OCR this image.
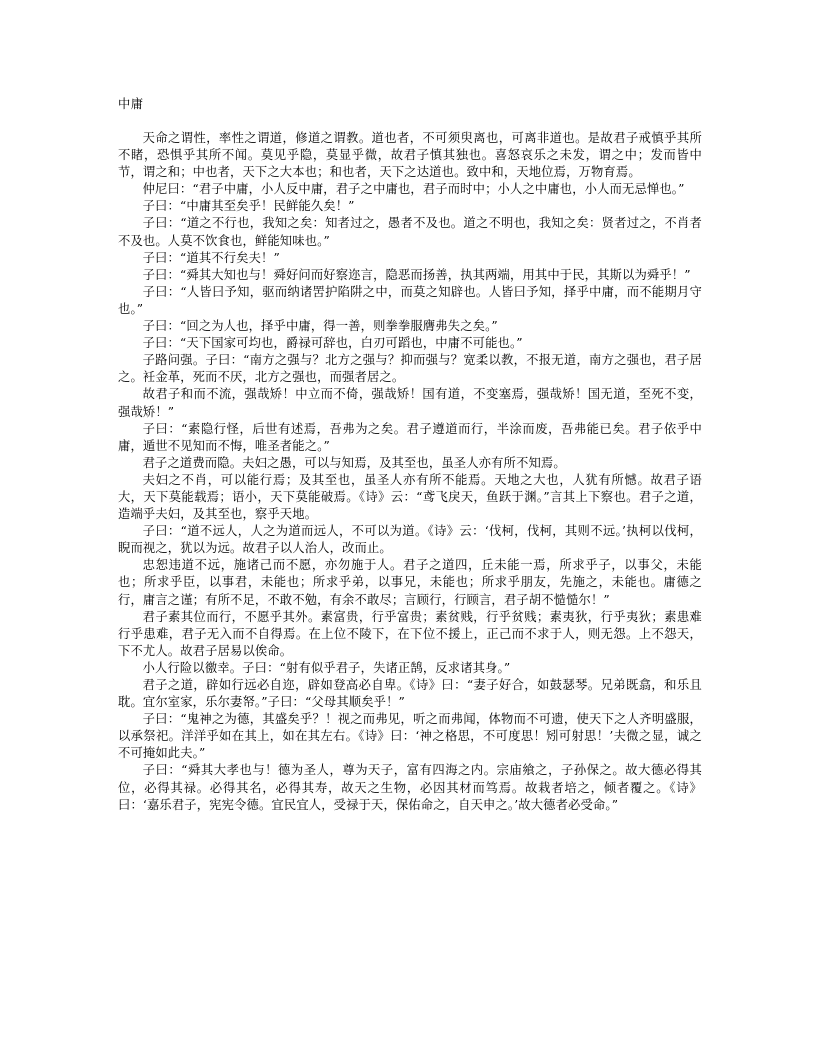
中庸

天命之谓性，率性之谓道，修道之谓教。道也者，不可须臾离也，可离非道也。是故君子戒慎乎其所不睹，恐惧乎其所不闻。莫见乎隐，莫显乎微，故君子慎其独也。喜怒哀乐之未发，谓之中；发而皆中节，谓之和；中也者，天下之大本也；和也者，天下之达道也。致中和，天地位焉，万物育焉。

仲尼曰：“君子中庸，小人反中庸，君子之中庸也，君子而时中；小人之中庸也，小人而无忌惮也。”

子曰：“中庸其至矣乎！民鲜能久矣！”

子曰：“道之不行也，我知之矣：知者过之，愚者不及也。道之不明也，我知之矣：贤者过之，不肖者不及也。人莫不饮食也，鲜能知味也。”

子曰：“道其不行矣夫！”

子曰：“舜其大知也与！舜好问而好察迩言，隐恶而扬善，执其两端，用其中于民，其斯以为舜乎！”

子曰：“人皆曰予知，驱而纳诸罟护陷阱之中，而莫之知辟也。人皆曰予知，择乎中庸，而不能期月守也。”

子曰：“回之为人也，择乎中庸，得一善，则拳拳服膺弗失之矣。”

子曰：“天下国家可均也，爵禄可辞也，白刃可蹈也，中庸不可能也。”

子路问强。子曰：“南方之强与？北方之强与？抑而强与？宽柔以教，不报无道，南方之强也，君子居之。衽金革，死而不厌，北方之强也，而强者居之。

故君子和而不流，强哉矫！中立而不倚，强哉矫！国有道，不变塞焉，强哉矫！国无道，至死不变，强哉矫！”

子曰：“素隐行怪，后世有述焉，吾弗为之矣。君子遵道而行，半涂而废，吾弗能已矣。君子依乎中庸，遁世不见知而不悔，唯圣者能之。”

君子之道费而隐。夫妇之愚，可以与知焉，及其至也，虽圣人亦有所不知焉。

夫妇之不肖，可以能行焉；及其至也，虽圣人亦有所不能焉。天地之大也，人犹有所憾。故君子语大，天下莫能载焉；语小，天下莫能破焉。《诗》云：“鸢飞戾天，鱼跃于渊。”言其上下察也。君子之道，造端乎夫妇，及其至也，察乎天地。

子曰：“道不远人，人之为道而远人，不可以为道。《诗》云：‘伐柯，伐柯，其则不远。’执柯以伐柯，睨而视之，犹以为远。故君子以人治人，改而止。

忠恕违道不远，施诸己而不愿，亦勿施于人。君子之道四，丘未能一焉，所求乎子，以事父，未能也；所求乎臣，以事君，未能也；所求乎弟，以事兄，未能也；所求乎朋友，先施之，未能也。庸德之行，庸言之谨；有所不足，不敢不勉，有余不敢尽；言顾行，行顾言，君子胡不慥慥尔！”

君子素其位而行，不愿乎其外。素富贵，行乎富贵；素贫贱，行乎贫贱；素夷狄，行乎夷狄；素患难行乎患难，君子无入而不自得焉。在上位不陵下，在下位不援上，正己而不求于人，则无怨。上不怨天，下不尤人。故君子居易以俟命。

小人行险以徼幸。子曰：“射有似乎君子，失诸正鹄，反求诸其身。”

君子之道，辟如行远必自迩，辟如登高必自卑。《诗》曰：“妻子好合，如鼓瑟琴。兄弟既翕，和乐且耽。宜尔室家，乐尔妻帑。”子曰：“父母其顺矣乎！”

子曰：“鬼神之为德，其盛矣乎？！视之而弗见，听之而弗闻，体物而不可遗，使天下之人齐明盛服，以承祭祀。洋洋乎如在其上，如在其左右。《诗》曰：‘神之格思，不可度思！矧可射思！’夫微之显，诚之不可掩如此夫。”

子曰：“舜其大孝也与！德为圣人，尊为天子，富有四海之内。宗庙飨之，子孙保之。故大德必得其位，必得其禄。必得其名，必得其寿，故天之生物，必因其材而笃焉。故栽者培之，倾者覆之。《诗》曰：‘嘉乐君子，宪宪令德。宜民宜人，受禄于天，保佑命之，自天申之。’故大德者必受命。”
